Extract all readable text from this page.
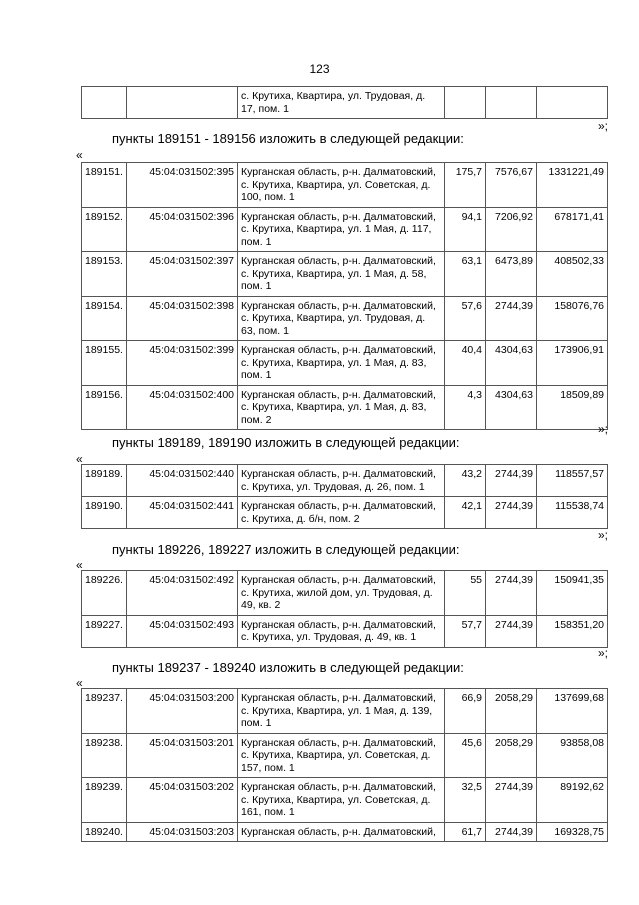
123
		с. Крутиха, Квартира, ул. Трудовая, д. 17, пом. 1			
»;
пункты 189151 - 189156 изложить в следующей редакции:
«
189151.	45:04:031502:395	Курганская область, р-н. Далматовский, с. Крутиха, Квартира, ул. Советская, д. 100, пом. 1	175,7	7576,67	1331221,49
189152.	45:04:031502:396	Курганская область, р-н. Далматовский, с. Крутиха, Квартира, ул. 1 Мая, д. 117, пом. 1	94,1	7206,92	678171,41
189153.	45:04:031502:397	Курганская область, р-н. Далматовский, с. Крутиха, Квартира, ул. 1 Мая, д. 58, пом. 1	63,1	6473,89	408502,33
189154.	45:04:031502:398	Курганская область, р-н. Далматовский, с. Крутиха, Квартира, ул. Трудовая, д. 63, пом. 1	57,6	2744,39	158076,76
189155.	45:04:031502:399	Курганская область, р-н. Далматовский, с. Крутиха, Квартира, ул. 1 Мая, д. 83, пом. 1	40,4	4304,63	173906,91
189156.	45:04:031502:400	Курганская область, р-н. Далматовский, с. Крутиха, Квартира, ул. 1 Мая, д. 83, пом. 2	4,3	4304,63	18509,89
»;
пункты 189189, 189190 изложить в следующей редакции:
«
189189.	45:04:031502:440	Курганская область, р-н. Далматовский, с. Крутиха, ул. Трудовая, д. 26, пом. 1	43,2	2744,39	118557,57
189190.	45:04:031502:441	Курганская область, р-н. Далматовский, с. Крутиха, д. б/н, пом. 2	42,1	2744,39	115538,74
»;
пункты 189226, 189227 изложить в следующей редакции:
«
189226.	45:04:031502:492	Курганская область, р-н. Далматовский, с. Крутиха, жилой дом, ул. Трудовая, д. 49, кв. 2	55	2744,39	150941,35
189227.	45:04:031502:493	Курганская область, р-н. Далматовский, с. Крутиха, ул. Трудовая, д. 49, кв. 1	57,7	2744,39	158351,20
»;
пункты 189237 - 189240 изложить в следующей редакции:
«
189237.	45:04:031503:200	Курганская область, р-н. Далматовский, с. Крутиха, Квартира, ул. 1 Мая, д. 139, пом. 1	66,9	2058,29	137699,68
189238.	45:04:031503:201	Курганская область, р-н. Далматовский, с. Крутиха, Квартира, ул. Советская, д. 157, пом. 1	45,6	2058,29	93858,08
189239.	45:04:031503:202	Курганская область, р-н. Далматовский, с. Крутиха, Квартира, ул. Советская, д. 161, пом. 1	32,5	2744,39	89192,62
189240.	45:04:031503:203	Курганская область, р-н. Далматовский,	61,7	2744,39	169328,75
